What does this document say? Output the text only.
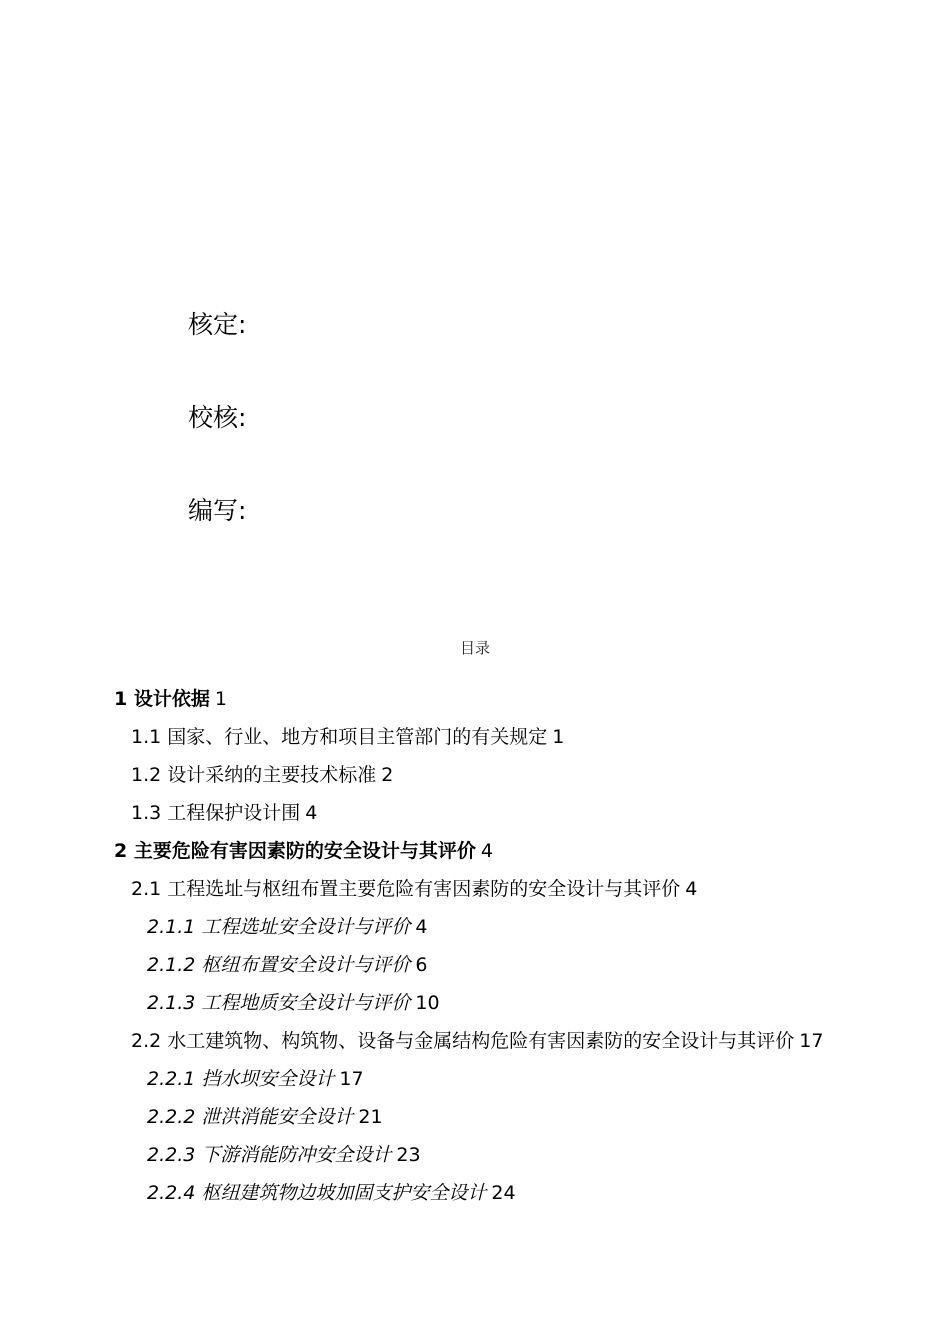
核定:
校核:
编写:
目录
1 设计依据 1
1.1 国家、行业、地方和项目主管部门的有关规定 1
1.2 设计采纳的主要技术标准 2
1.3 工程保护设计围 4
2 主要危险有害因素防的安全设计与其评价 4
2.1 工程选址与枢纽布置主要危险有害因素防的安全设计与其评价 4
2.1.1 工程选址安全设计与评价 4
2.1.2 枢纽布置安全设计与评价 6
2.1.3 工程地质安全设计与评价 10
2.2 水工建筑物、构筑物、设备与金属结构危险有害因素防的安全设计与其评价 17
2.2.1 挡水坝安全设计 17
2.2.2 泄洪消能安全设计 21
2.2.3 下游消能防冲安全设计 23
2.2.4 枢纽建筑物边坡加固支护安全设计 24
